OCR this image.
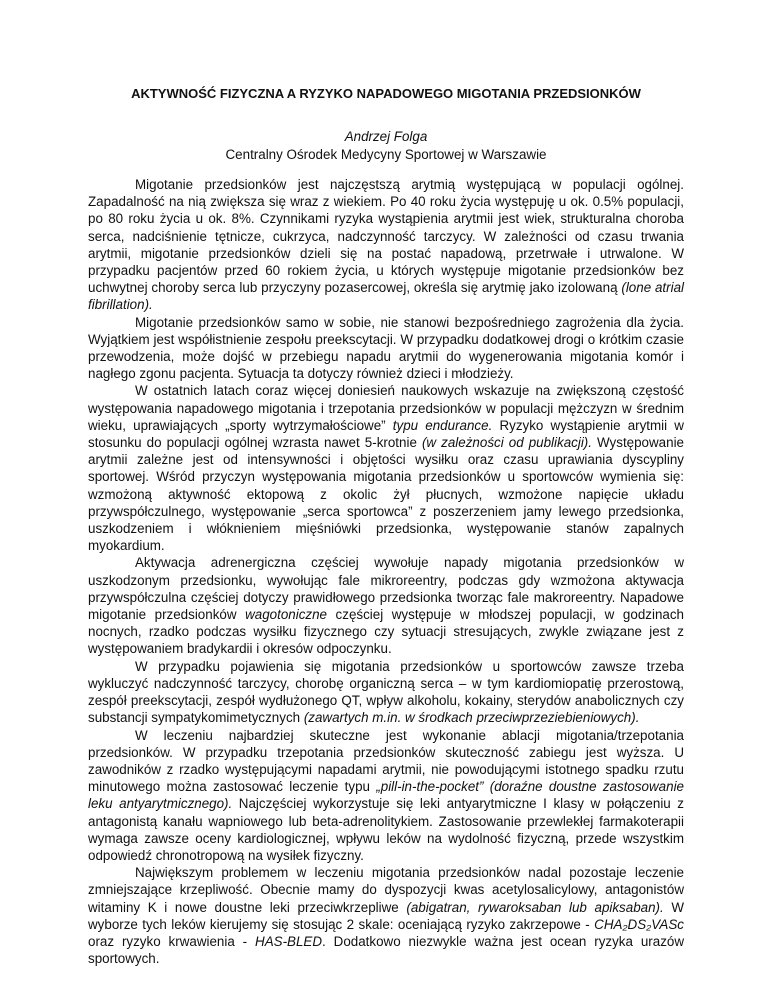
AKTYWNOŚĆ FIZYCZNA A RYZYKO NAPADOWEGO MIGOTANIA PRZEDSIONKÓW

Andrzej Folga

Centralny Ośrodek Medycyny Sportowej w Warszawie

Migotanie przedsionków jest najczęstszą arytmią występującą w populacji ogólnej. Zapadalność na nią zwiększa się wraz z wiekiem. Po 40 roku życia występuję u ok. 0.5% populacji, po 80 roku życia u ok. 8%. Czynnikami ryzyka wystąpienia arytmii jest wiek, strukturalna choroba serca, nadciśnienie tętnicze, cukrzyca, nadczynność tarczycy. W zależności od czasu trwania arytmii, migotanie przedsionków dzieli się na postać napadową, przetrwałe i utrwalone. W przypadku pacjentów przed 60 rokiem życia, u których występuje migotanie przedsionków bez uchwytnej choroby serca lub przyczyny pozasercowej, określa się arytmię jako izolowaną (lone atrial fibrillation).

Migotanie przedsionków samo w sobie, nie stanowi bezpośredniego zagrożenia dla życia. Wyjątkiem jest współistnienie zespołu preekscytacji. W przypadku dodatkowej drogi o krótkim czasie przewodzenia, może dojść w przebiegu napadu arytmii do wygenerowania migotania komór i nagłego zgonu pacjenta. Sytuacja ta dotyczy również dzieci i młodzieży.

W ostatnich latach coraz więcej doniesień naukowych wskazuje na zwiększoną częstość występowania napadowego migotania i trzepotania przedsionków w populacji mężczyzn w średnim wieku, uprawiających „sporty wytrzymałościowe” typu endurance. Ryzyko wystąpienie arytmii w stosunku do populacji ogólnej wzrasta nawet 5-krotnie (w zależności od publikacji). Występowanie arytmii zależne jest od intensywności i objętości wysiłku oraz czasu uprawiania dyscypliny sportowej. Wśród przyczyn występowania migotania przedsionków u sportowców wymienia się: wzmożoną aktywność ektopową z okolic żył płucnych, wzmożone napięcie układu przywspółczulnego, występowanie „serca sportowca” z poszerzeniem jamy lewego przedsionka, uszkodzeniem i włóknieniem mięśniówki przedsionka, występowanie stanów zapalnych myokardium.

Aktywacja adrenergiczna częściej wywołuje napady migotania przedsionków w uszkodzonym przedsionku, wywołując fale mikroreentry, podczas gdy wzmożona aktywacja przywspółczulna częściej dotyczy prawidłowego przedsionka tworząc fale makroreentry. Napadowe migotanie przedsionków wagotoniczne częściej występuje w młodszej populacji, w godzinach nocnych, rzadko podczas wysiłku fizycznego czy sytuacji stresujących, zwykle związane jest z występowaniem bradykardii i okresów odpoczynku.

W przypadku pojawienia się migotania przedsionków u sportowców zawsze trzeba wykluczyć nadczynność tarczycy, chorobę organiczną serca – w tym kardiomiopatię przerostową, zespół preekscytacji, zespół wydłużonego QT, wpływ alkoholu, kokainy, sterydów anabolicznych czy substancji sympatykomimetycznych (zawartych m.in. w środkach przeciwprzeziebieniowych).

W leczeniu najbardziej skuteczne jest wykonanie ablacji migotania/trzepotania przedsionków. W przypadku trzepotania przedsionków skuteczność zabiegu jest wyższa. U zawodników z rzadko występującymi napadami arytmii, nie powodującymi istotnego spadku rzutu minutowego można zastosować leczenie typu „pill-in-the-pocket” (doraźne doustne zastosowanie leku antyarytmicznego). Najczęściej wykorzystuje się leki antyarytmiczne I klasy w połączeniu z antagonistą kanału wapniowego lub beta-adrenolitykiem. Zastosowanie przewlekłej farmakoterapii wymaga zawsze oceny kardiologicznej, wpływu leków na wydolność fizyczną, przede wszystkim odpowiedź chronotropową na wysiłek fizyczny.

Największym problemem w leczeniu migotania przedsionków nadal pozostaje leczenie zmniejszające krzepliwość. Obecnie mamy do dyspozycji kwas acetylosalicylowy, antagonistów witaminy K i nowe doustne leki przeciwkrzepliwe (abigatran, rywaroksaban lub apiksaban). W wyborze tych leków kierujemy się stosując 2 skale: oceniającą ryzyko zakrzepowe - CHA₂DS₂VASc oraz ryzyko krwawienia - HAS-BLED. Dodatkowo niezwykle ważna jest ocean ryzyka urazów sportowych.
